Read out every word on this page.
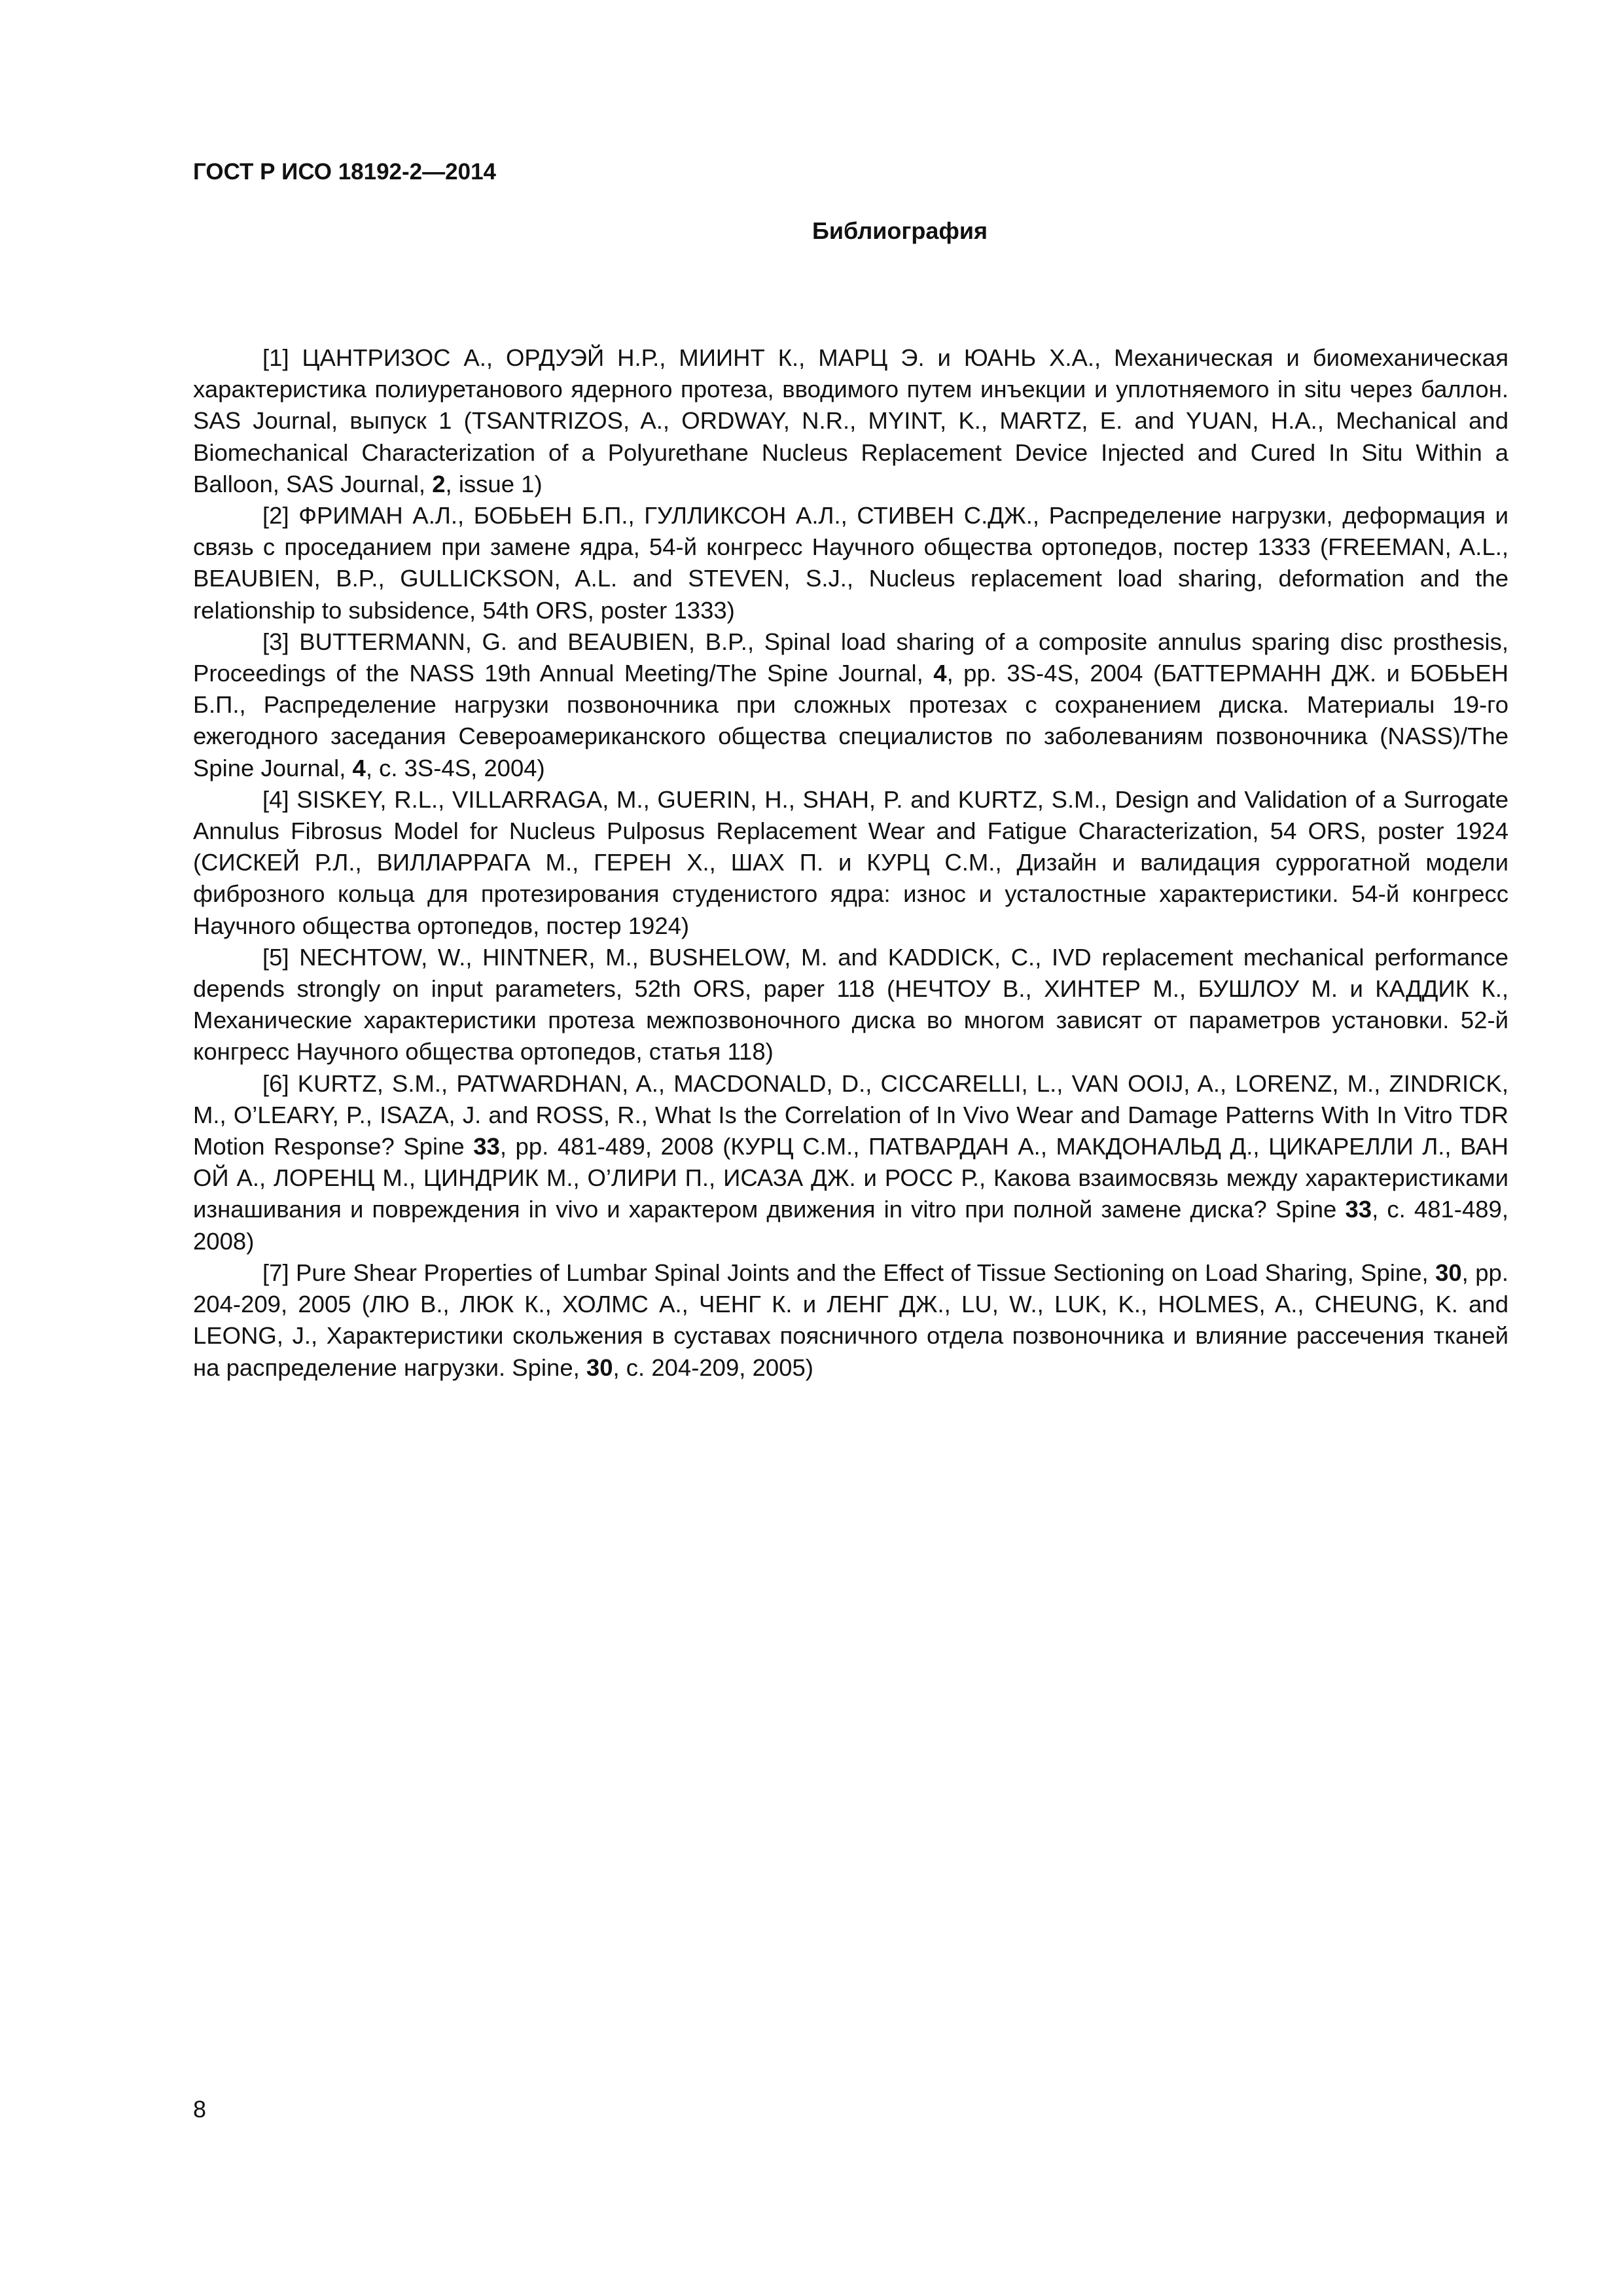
ГОСТ Р ИСО 18192-2—2014
Библиография

[1] ЦАНТРИЗОС А., ОРДУЭЙ Н.Р., МИИНТ К., МАРЦ Э. и ЮАНЬ Х.А., Механическая и биомеханическая характеристика полиуретанового ядерного протеза, вводимого путем инъекции и уплотняемого in situ через баллон. SAS Journal, выпуск 1 (TSANTRIZOS, A., ORDWAY, N.R., MYINT, K., MARTZ, E. and YUAN, H.A., Mechanical and Biomechanical Characterization of a Polyurethane Nucleus Replacement Device Injected and Cured In Situ Within a Balloon, SAS Journal, 2, issue 1)

[2] ФРИМАН А.Л., БОБЬЕН Б.П., ГУЛЛИКСОН А.Л., СТИВЕН С.ДЖ., Распределение нагрузки, деформация и связь с проседанием при замене ядра, 54-й конгресс Научного общества ортопедов, постер 1333 (FREEMAN, A.L., BEAUBIEN, B.P., GULLICKSON, A.L. and STEVEN, S.J., Nucleus replacement load sharing, deformation and the relationship to subsidence, 54th ORS, poster 1333)

[3] BUTTERMANN, G. and BEAUBIEN, B.P., Spinal load sharing of a composite annulus sparing disc prosthesis, Proceedings of the NASS 19th Annual Meeting/The Spine Journal, 4, pp. 3S-4S, 2004 (БАТТЕРМАНН ДЖ. и БОБЬЕН Б.П., Распределение нагрузки позвоночника при сложных протезах с сохранением диска. Материалы 19-го ежегодного заседания Североамериканского общества специалистов по заболеваниям позвоночника (NASS)/The Spine Journal, 4, с. 3S-4S, 2004)

[4] SISKEY, R.L., VILLARRAGA, M., GUERIN, H., SHAH, P. and KURTZ, S.M., Design and Validation of a Surrogate Annulus Fibrosus Model for Nucleus Pulposus Replacement Wear and Fatigue Characterization, 54 ORS, poster 1924 (СИСКЕЙ Р.Л., ВИЛЛАРРАГА М., ГЕРЕН Х., ШАХ П. и КУРЦ С.М., Дизайн и валидация суррогатной модели фиброзного кольца для протезирования студенистого ядра: износ и усталостные характеристики. 54-й конгресс Научного общества ортопедов, постер 1924)

[5] NECHTOW, W., HINTNER, M., BUSHELOW, M. and KADDICK, C., IVD replacement mechanical performance depends strongly on input parameters, 52th ORS, paper 118 (НЕЧТОУ В., ХИНТЕР М., БУШЛОУ М. и КАДДИК К., Механические характеристики протеза межпозвоночного диска во многом зависят от параметров установки. 52-й конгресс Научного общества ортопедов, статья 118)

[6] KURTZ, S.M., PATWARDHAN, A., MACDONALD, D., CICCARELLI, L., VAN OOIJ, A., LORENZ, M., ZINDRICK, M., O’LEARY, P., ISAZA, J. and ROSS, R., What Is the Correlation of In Vivo Wear and Damage Patterns With In Vitro TDR Motion Response? Spine 33, pp. 481-489, 2008 (КУРЦ С.М., ПАТВАРДАН А., МАКДОНАЛЬД Д., ЦИКАРЕЛЛИ Л., ВАН ОЙ А., ЛОРЕНЦ М., ЦИНДРИК М., О’ЛИРИ П., ИСАЗА ДЖ. и РОСС Р., Какова взаимосвязь между характеристиками изнашивания и повреждения in vivo и характером движения in vitro при полной замене диска? Spine 33, с. 481-489, 2008)

[7] Pure Shear Properties of Lumbar Spinal Joints and the Effect of Tissue Sectioning on Load Sharing, Spine, 30, pp. 204-209, 2005 (ЛЮ В., ЛЮК К., ХОЛМС А., ЧЕНГ К. и ЛЕНГ ДЖ., LU, W., LUK, K., HOLMES, A., CHEUNG, K. and LEONG, J., Характеристики скольжения в суставах поясничного отдела позвоночника и влияние рассечения тканей на распределение нагрузки. Spine, 30, с. 204-209, 2005)

8
